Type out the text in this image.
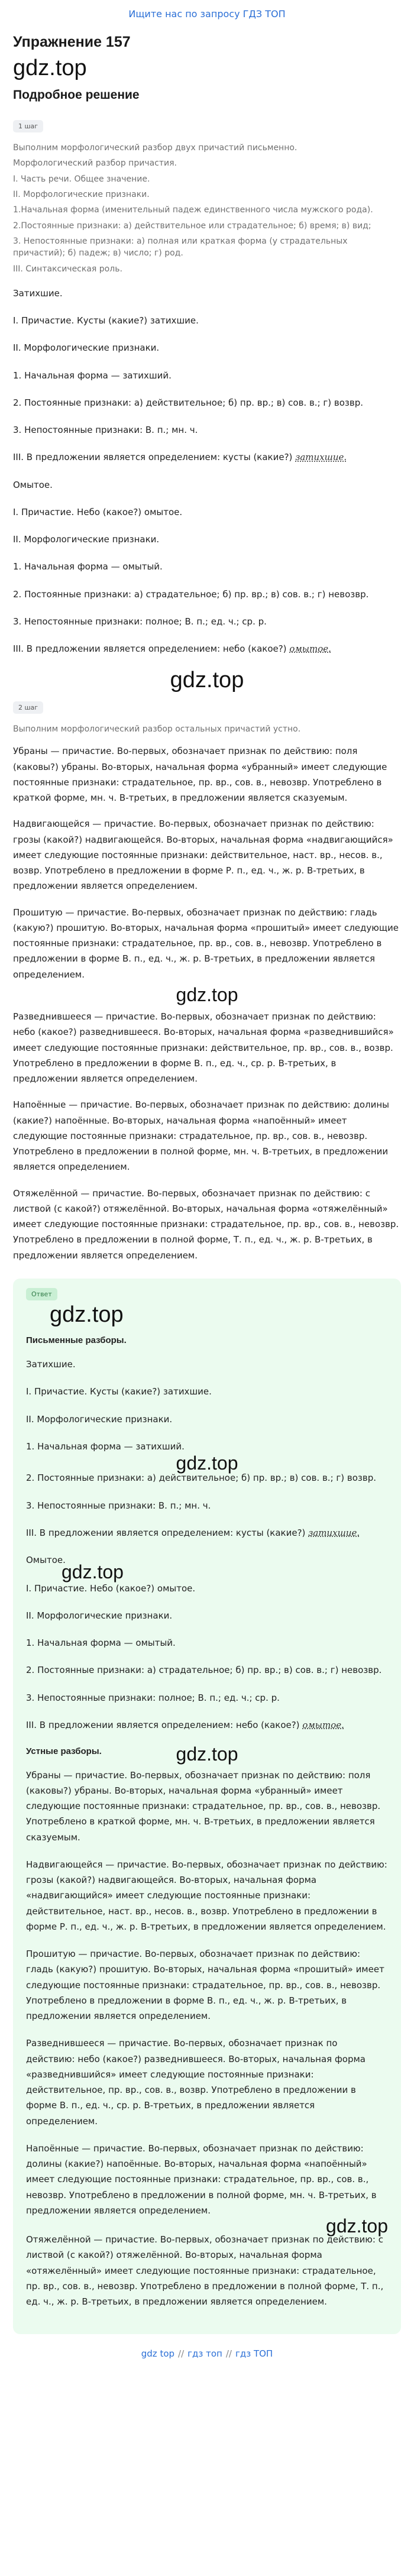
Ищите нас по запросу ГДЗ ТОП
Упражнение 157
gdz.top
Подробное решение
1 шаг

Выполним морфологический разбор двух причастий письменно.

Морфологический разбор причастия.

I. Часть речи. Общее значение.

II. Морфологические признаки.

1.Начальная форма (именительный падеж единственного числа мужского рода).

2.Постоянные признаки: а) действительное или страдательное; б) время; в) вид;

3. Непостоянные признаки: а) полная или краткая форма (у страдательных причастий); б) падеж; в) число; г) род.

III. Синтаксическая роль.

Затихшие.

I. Причастие. Кусты (какие?) затихшие.

II. Морфологические признаки.

1. Начальная форма — затихший.

2. Постоянные признаки: а) действительное; б) пр. вр.; в) сов. в.; г) возвр.

3. Непостоянные признаки: В. п.; мн. ч.

III. В предложении является определением: кусты (какие?) затихшие.

Омытое.

I. Причастие. Небо (какое?) омытое.

II. Морфологические признаки.

1. Начальная форма — омытый.

2. Постоянные признаки: а) страдательное; б) пр. вр.; в) сов. в.; г) невозвр.

3. Непостоянные признаки: полное; В. п.; ед. ч.; ср. р.

III. В предложении является определением: небо (какое?) омытое.

gdz.top
2 шаг

Выполним морфологический разбор остальных причастий устно.

Убраны — причастие. Во-первых, обозначает признак по действию: поля (каковы?) убраны. Во-вторых, начальная форма «убранный» имеет следующие постоянные признаки: страдательное, пр. вр., сов. в., невозвр. Употреблено в краткой форме, мн. ч. В-третьих, в предложении является сказуемым.

Надвигающейся — причастие. Во-первых, обозначает признак по действию: грозы (какой?) надвигающейся. Во-вторых, начальная форма «надвигающийся» имеет следующие постоянные признаки: действительное, наст. вр., несов. в., возвр. Употреблено в предложении в форме Р. п., ед. ч., ж. р. В-третьих, в предложении является определением.

Прошитую — причастие. Во-первых, обозначает признак по действию: гладь (какую?) прошитую. Во-вторых, начальная форма «прошитый» имеет следующие постоянные признаки: страдательное, пр. вр., сов. в., невозвр. Употреблено в предложении в форме В. п., ед. ч., ж. р. В-третьих, в предложении является определением.

gdz.top

Разведнившееся — причастие. Во-первых, обозначает признак по действию: небо (какое?) разведнившееся. Во-вторых, начальная форма «разведнившийся» имеет следующие постоянные признаки: действительное, пр. вр., сов. в., возвр. Употреблено в предложении в форме В. п., ед. ч., ср. р. В-третьих, в предложении является определением.

Напоённые — причастие. Во-первых, обозначает признак по действию: долины (какие?) напоённые. Во-вторых, начальная форма «напоённый» имеет следующие постоянные признаки: страдательное, пр. вр., сов. в., невозвр. Употреблено в предложении в полной форме, мн. ч. В-третьих, в предложении является определением.

Отяжелённой — причастие. Во-первых, обозначает признак по действию: с листвой (с какой?) отяжелённой. Во-вторых, начальная форма «отяжелённый» имеет следующие постоянные признаки: страдательное, пр. вр., сов. в., невозвр. Употреблено в предложении в полной форме, Т. п., ед. ч., ж. р. В-третьих, в предложении является определением.

Ответ
gdz.top
Письменные разборы.

Затихшие.

I. Причастие. Кусты (какие?) затихшие.

II. Морфологические признаки.

1. Начальная форма — затихший.

gdz.top

2. Постоянные признаки: а) действительное; б) пр. вр.; в) сов. в.; г) возвр.

3. Непостоянные признаки: В. п.; мн. ч.

III. В предложении является определением: кусты (какие?) затихшие.

Омытое.

gdz.top

I. Причастие. Небо (какое?) омытое.

II. Морфологические признаки.

1. Начальная форма — омытый.

2. Постоянные признаки: а) страдательное; б) пр. вр.; в) сов. в.; г) невозвр.

3. Непостоянные признаки: полное; В. п.; ед. ч.; ср. р.

III. В предложении является определением: небо (какое?) омытое.

Устные разборы.	gdz.top

Убраны — причастие. Во-первых, обозначает признак по действию: поля (каковы?) убраны. Во-вторых, начальная форма «убранный» имеет следующие постоянные признаки: страдательное, пр. вр., сов. в., невозвр. Употреблено в краткой форме, мн. ч. В-третьих, в предложении является сказуемым.

Надвигающейся — причастие. Во-первых, обозначает признак по действию: грозы (какой?) надвигающейся. Во-вторых, начальная форма «надвигающийся» имеет следующие постоянные признаки: действительное, наст. вр., несов. в., возвр. Употреблено в предложении в форме Р. п., ед. ч., ж. р. В-третьих, в предложении является определением.

Прошитую — причастие. Во-первых, обозначает признак по действию: гладь (какую?) прошитую. Во-вторых, начальная форма «прошитый» имеет следующие постоянные признаки: страдательное, пр. вр., сов. в., невозвр. Употреблено в предложении в форме В. п., ед. ч., ж. р. В-третьих, в предложении является определением.

Разведнившееся — причастие. Во-первых, обозначает признак по действию: небо (какое?) разведнившееся. Во-вторых, начальная форма «разведнившийся» имеет следующие постоянные признаки: действительное, пр. вр., сов. в., возвр. Употреблено в предложении в форме В. п., ед. ч., ср. р. В-третьих, в предложении является определением.

Напоённые — причастие. Во-первых, обозначает признак по действию: долины (какие?) напоённые. Во-вторых, начальная форма «напоённый» имеет следующие постоянные признаки: страдательное, пр. вр., сов. в., невозвр. Употреблено в предложении в полной форме, мн. ч. В-третьих, в предложении является определением.

gdz.top

Отяжелённой — причастие. Во-первых, обозначает признак по действию: с листвой (с какой?) отяжелённой. Во-вторых, начальная форма «отяжелённый» имеет следующие постоянные признаки: страдательное, пр. вр., сов. в., невозвр. Употреблено в предложении в полной форме, Т. п., ед. ч., ж. р. В-третьих, в предложении является определением.

gdz top // гдз топ // гдз ТОП
